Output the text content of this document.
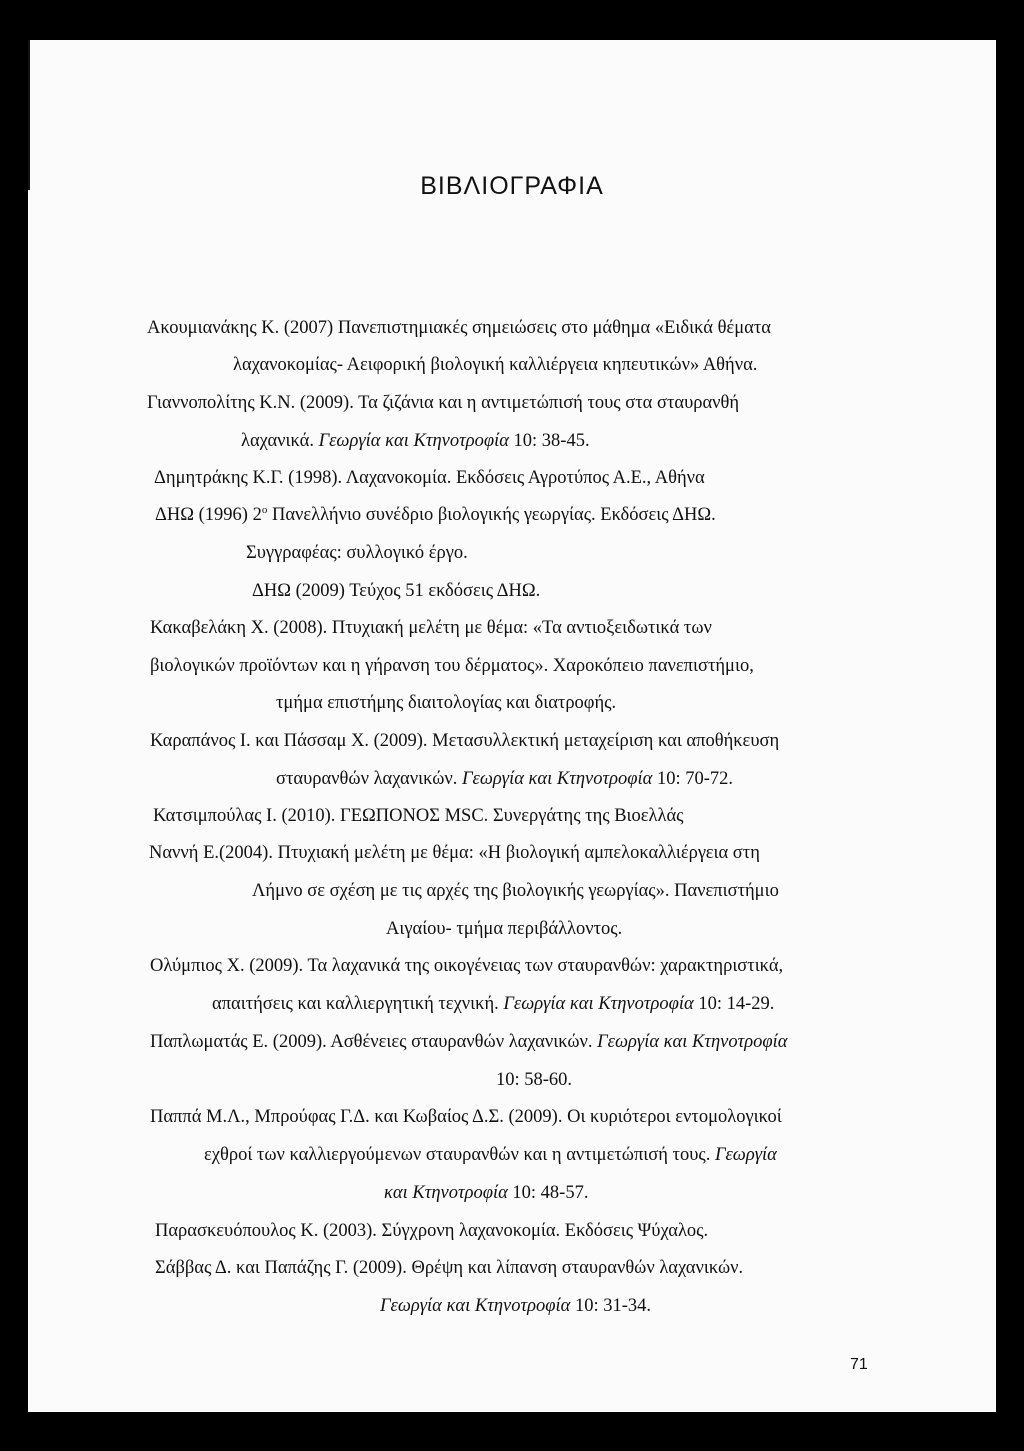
ΒΙΒΛΙΟΓΡΑΦΙΑ
Ακουμιανάκης Κ. (2007) Πανεπιστημιακές σημειώσεις στο μάθημα «Ειδικά θέματα
λαχανοκομίας- Αειφορική βιολογική καλλιέργεια κηπευτικών» Αθήνα.
Γιαννοπολίτης Κ.Ν. (2009). Τα ζιζάνια και η αντιμετώπισή τους στα σταυρανθή
λαχανικά. Γεωργία και Κτηνοτροφία 10: 38-45.
Δημητράκης Κ.Γ. (1998). Λαχανοκομία. Εκδόσεις Αγροτύπος Α.Ε., Αθήνα
ΔΗΩ (1996) $2^o$ Πανελλήνιο συνέδριο βιολογικής γεωργίας. Εκδόσεις ΔΗΩ.
Συγγραφέας: συλλογικό έργο.
ΔΗΩ (2009) Τεύχος 51 εκδόσεις ΔΗΩ.
Κακαβελάκη Χ. (2008). Πτυχιακή μελέτη με θέμα: «Τα αντιοξειδωτικά των
βιολογικών προϊόντων και η γήρανση του δέρματος». Χαροκόπειο πανεπιστήμιο,
τμήμα επιστήμης διαιτολογίας και διατροφής.
Καραπάνος Ι. και Πάσσαμ Χ. (2009). Μετασυλλεκτική μεταχείριση και αποθήκευση
σταυρανθών λαχανικών. Γεωργία και Κτηνοτροφία 10: 70-72.
Κατσιμπούλας Ι. (2010). ΓΕΩΠΟΝΟΣ MSC. Συνεργάτης της Βιοελλάς
Ναννή Ε.(2004). Πτυχιακή μελέτη με θέμα: «Η βιολογική αμπελοκαλλιέργεια στη
Λήμνο σε σχέση με τις αρχές της βιολογικής γεωργίας». Πανεπιστήμιο
Αιγαίου- τμήμα περιβάλλοντος.
Ολύμπιος Χ. (2009). Τα λαχανικά της οικογένειας των σταυρανθών: χαρακτηριστικά,
απαιτήσεις και καλλιεργητική τεχνική. Γεωργία και Κτηνοτροφία 10: 14-29.
Παπλωματάς Ε. (2009). Ασθένειες σταυρανθών λαχανικών. Γεωργία και Κτηνοτροφία
10: 58-60.
Παππά Μ.Λ., Μπρούφας Γ.Δ. και Κωβαίος Δ.Σ. (2009). Οι κυριότεροι εντομολογικοί
εχθροί των καλλιεργούμενων σταυρανθών και η αντιμετώπισή τους. Γεωργία
και Κτηνοτροφία 10: 48-57.
Παρασκευόπουλος Κ. (2003). Σύγχρονη λαχανοκομία. Εκδόσεις Ψύχαλος.
Σάββας Δ. και Παπάζης Γ. (2009). Θρέψη και λίπανση σταυρανθών λαχανικών.
Γεωργία και Κτηνοτροφία 10: 31-34.
71
